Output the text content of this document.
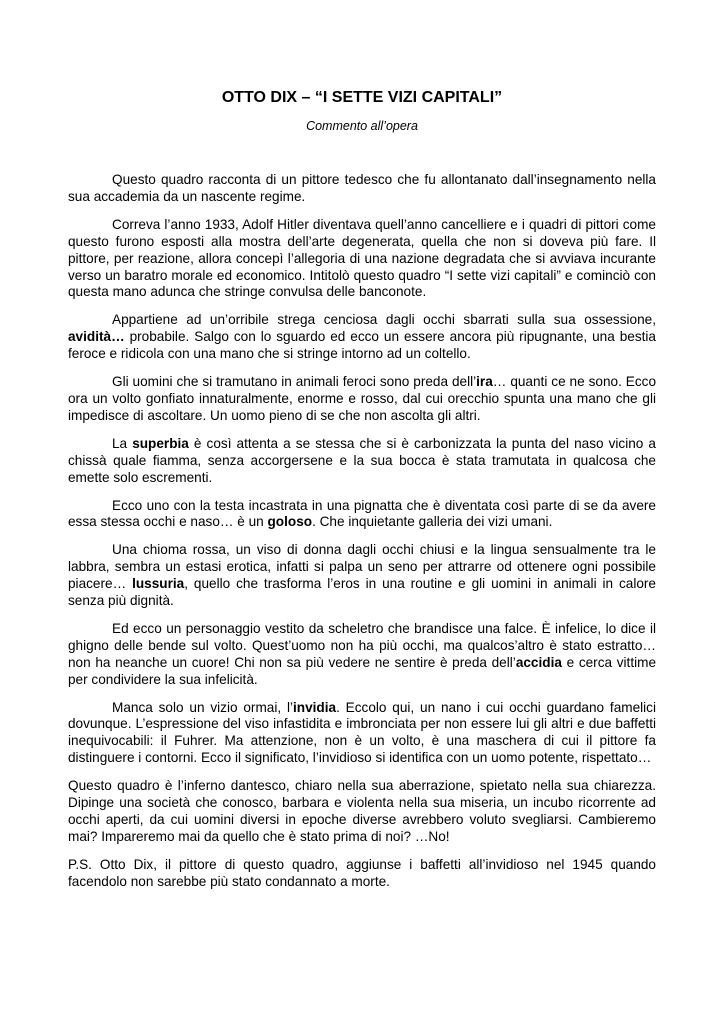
OTTO DIX – “I SETTE VIZI CAPITALI”
Commento all’opera

Questo quadro racconta di un pittore tedesco che fu allontanato dall’insegnamento nella sua accademia da un nascente regime.

Correva l’anno 1933, Adolf Hitler diventava quell’anno cancelliere e i quadri di pittori come questo furono esposti alla mostra dell’arte degenerata, quella che non si doveva più fare. Il pittore, per reazione, allora concepì l’allegoria di una nazione degradata che si avviava incurante verso un baratro morale ed economico. Intitolò questo quadro “I sette vizi capitali” e cominciò con questa mano adunca che stringe convulsa delle banconote.

Appartiene ad un’orribile strega cenciosa dagli occhi sbarrati sulla sua ossessione, avidità… probabile. Salgo con lo sguardo ed ecco un essere ancora più ripugnante, una bestia feroce e ridicola con una mano che si stringe intorno ad un coltello.

Gli uomini che si tramutano in animali feroci sono preda dell’ira… quanti ce ne sono. Ecco ora un volto gonfiato innaturalmente, enorme e rosso, dal cui orecchio spunta una mano che gli impedisce di ascoltare. Un uomo pieno di se che non ascolta gli altri.

La superbia è così attenta a se stessa che si è carbonizzata la punta del naso vicino a chissà quale fiamma, senza accorgersene e la sua bocca è stata tramutata in qualcosa che emette solo escrementi.

Ecco uno con la testa incastrata in una pignatta che è diventata così parte di se da avere essa stessa occhi e naso… è un goloso. Che inquietante galleria dei vizi umani.

Una chioma rossa, un viso di donna dagli occhi chiusi e la lingua sensualmente tra le labbra, sembra un estasi erotica, infatti si palpa un seno per attrarre od ottenere ogni possibile piacere… lussuria, quello che trasforma l’eros in una routine e gli uomini in animali in calore senza più dignità.

Ed ecco un personaggio vestito da scheletro che brandisce una falce. È infelice, lo dice il ghigno delle bende sul volto. Quest’uomo non ha più occhi, ma qualcos’altro è stato estratto… non ha neanche un cuore! Chi non sa più vedere ne sentire è preda dell’accidia e cerca vittime per condividere la sua infelicità.

Manca solo un vizio ormai, l’invidia. Eccolo qui, un nano i cui occhi guardano famelici dovunque. L’espressione del viso infastidita e imbronciata per non essere lui gli altri e due baffetti inequivocabili: il Fuhrer. Ma attenzione, non è un volto, è una maschera di cui il pittore fa distinguere i contorni. Ecco il significato, l’invidioso si identifica con un uomo potente, rispettato…

Questo quadro è l’inferno dantesco, chiaro nella sua aberrazione, spietato nella sua chiarezza. Dipinge una società che conosco, barbara e violenta nella sua miseria, un incubo ricorrente ad occhi aperti, da cui uomini diversi in epoche diverse avrebbero voluto svegliarsi. Cambieremo mai? Impareremo mai da quello che è stato prima di noi? …No!

P.S. Otto Dix, il pittore di questo quadro, aggiunse i baffetti all’invidioso nel 1945 quando facendolo non sarebbe più stato condannato a morte.
